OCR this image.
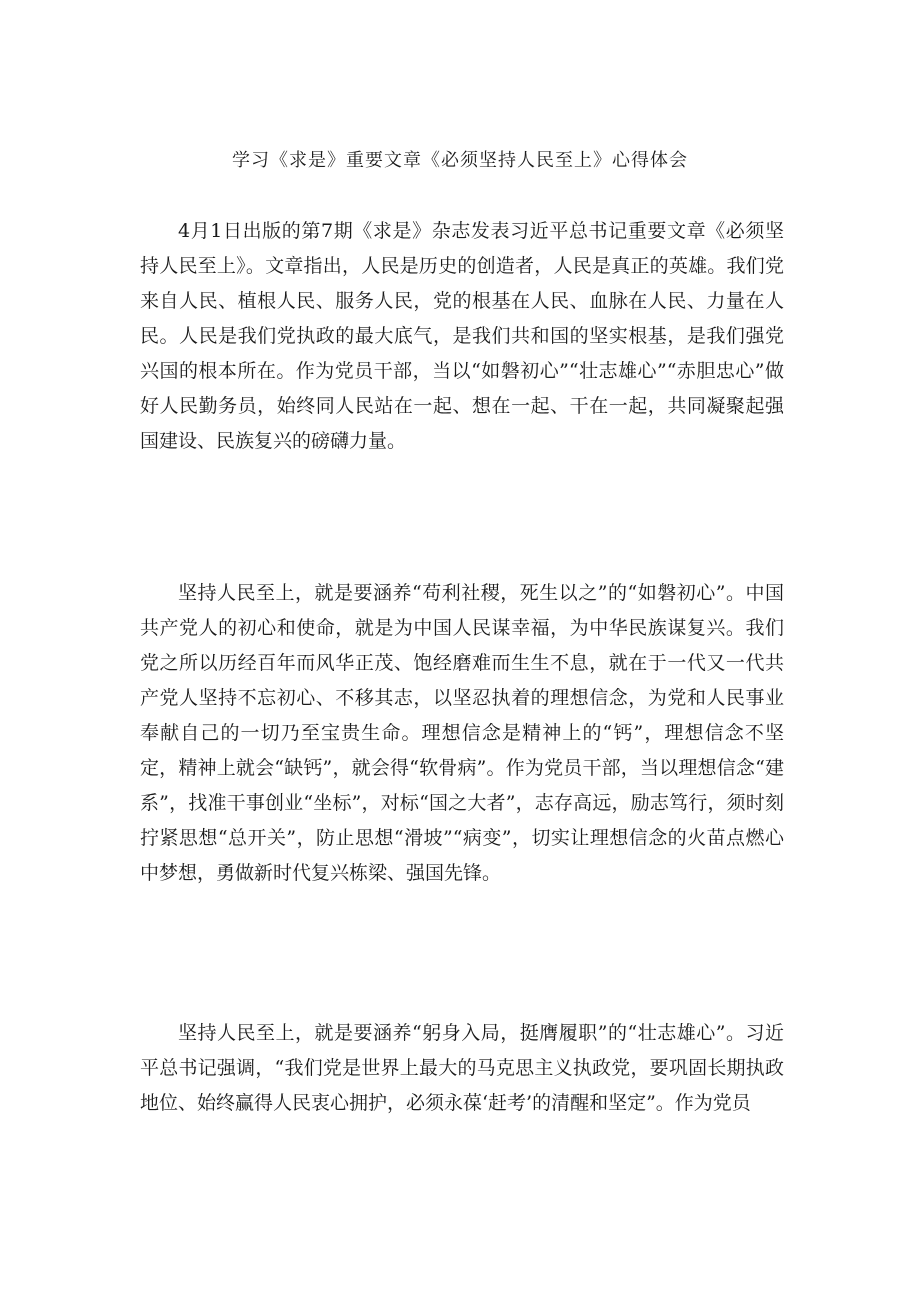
学习《求是》重要文章《必须坚持人民至上》心得体会

4月1日出版的第7期《求是》杂志发表习近平总书记重要文章《必须坚持人民至上》。文章指出，人民是历史的创造者，人民是真正的英雄。我们党来自人民、植根人民、服务人民，党的根基在人民、血脉在人民、力量在人民。人民是我们党执政的最大底气，是我们共和国的坚实根基，是我们强党兴国的根本所在。作为党员干部，当以“如磐初心”“壮志雄心”“赤胆忠心”做好人民勤务员，始终同人民站在一起、想在一起、干在一起，共同凝聚起强国建设、民族复兴的磅礴力量。

坚持人民至上，就是要涵养“苟利社稷，死生以之”的“如磐初心”。中国共产党人的初心和使命，就是为中国人民谋幸福，为中华民族谋复兴。我们党之所以历经百年而风华正茂、饱经磨难而生生不息，就在于一代又一代共产党人坚持不忘初心、不移其志，以坚忍执着的理想信念，为党和人民事业奉献自己的一切乃至宝贵生命。理想信念是精神上的“钙”，理想信念不坚定，精神上就会“缺钙”，就会得“软骨病”。作为党员干部，当以理想信念“建系”，找准干事创业“坐标”，对标“国之大者”，志存高远，励志笃行，须时刻拧紧思想“总开关”，防止思想“滑坡”“病变”，切实让理想信念的火苗点燃心中梦想，勇做新时代复兴栋梁、强国先锋。

坚持人民至上，就是要涵养“躬身入局，挺膺履职”的“壮志雄心”。习近平总书记强调，“我们党是世界上最大的马克思主义执政党，要巩固长期执政地位、始终赢得人民衷心拥护，必须永葆‘赶考’的清醒和坚定”。作为党员
